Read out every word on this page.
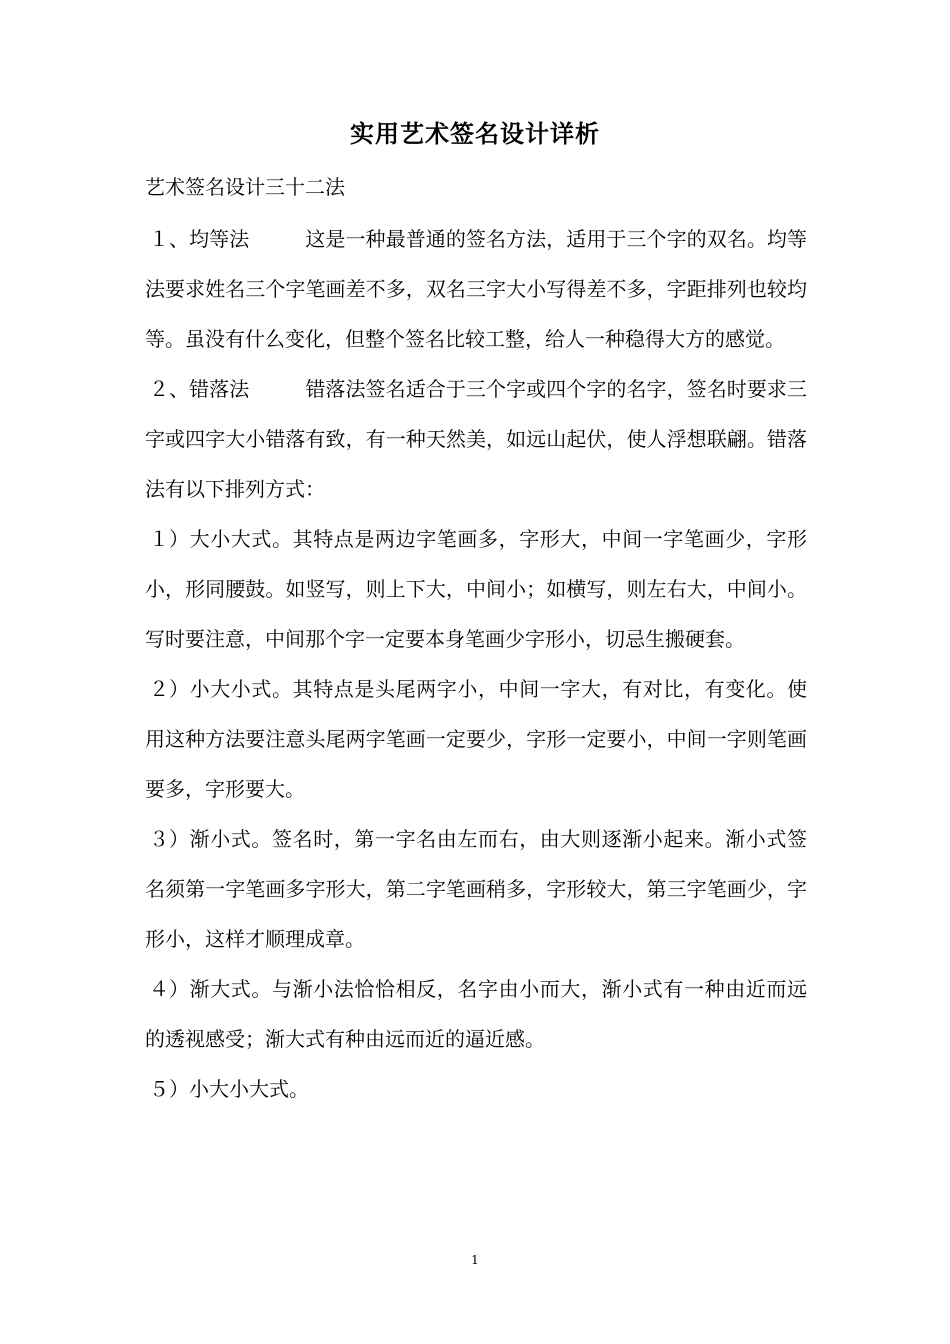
实用艺术签名设计详析
艺术签名设计三十二法

１、均等法	这是一种最普通的签名方法，适用于三个字的双名。均等法要求姓名三个字笔画差不多，双名三字大小写得差不多，字距排列也较均等。虽没有什么变化，但整个签名比较工整，给人一种稳得大方的感觉。

２、错落法	错落法签名适合于三个字或四个字的名字，签名时要求三字或四字大小错落有致，有一种天然美，如远山起伏，使人浮想联翩。错落法有以下排列方式：

１）大小大式。其特点是两边字笔画多，字形大，中间一字笔画少，字形小，形同腰鼓。如竖写，则上下大，中间小；如横写，则左右大，中间小。写时要注意，中间那个字一定要本身笔画少字形小，切忌生搬硬套。

２）小大小式。其特点是头尾两字小，中间一字大，有对比，有变化。使用这种方法要注意头尾两字笔画一定要少，字形一定要小，中间一字则笔画要多，字形要大。

３）渐小式。签名时，第一字名由左而右，由大则逐渐小起来。渐小式签名须第一字笔画多字形大，第二字笔画稍多，字形较大，第三字笔画少，字形小，这样才顺理成章。

４）渐大式。与渐小法恰恰相反，名字由小而大，渐小式有一种由近而远的透视感受；渐大式有种由远而近的逼近感。

５）小大小大式。

1
